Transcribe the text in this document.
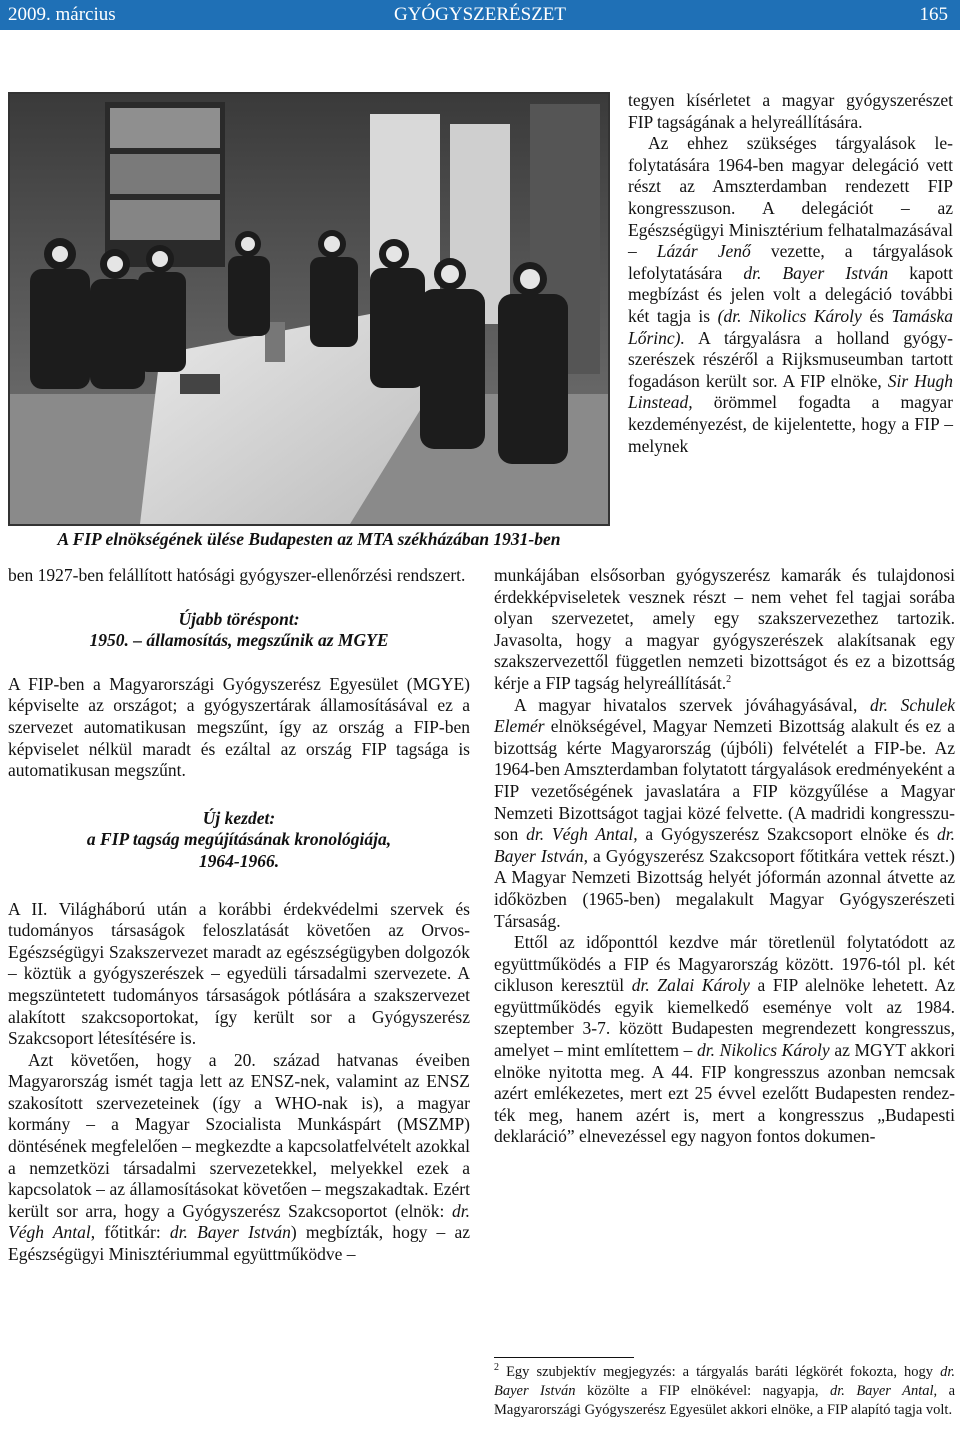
2009. március	GYÓGYSZERÉSZET	165
A FIP elnökségének ülése Budapesten az MTA székházában 1931-ben

tegyen kísérletet a magyar gyógyszerészet FIP tagságának a helyreállítására.

Az ehhez szükséges tárgyalások lefolytatására 1964-ben magyar delegáció vett részt az Amszterdamban rendezett FIP kongresszuson. A delegációt – az Egészségügyi Minisztérium felhatalmazásával – Lázár Jenő vezette, a tárgyalások lefolytatására dr. Bayer István kapott megbízást és jelen volt a delegáció további két tagja is (dr. Nikolics Károly és Tamáska Lőrinc). A tárgyalásra a holland gyógyszerészek részéről a Rijksmuseumban tartott fogadáson került sor. A FIP elnöke, Sir Hugh Linstead, örömmel fogadta a magyar kezdeményezést, de kijelentette, hogy a FIP – melynek

ben 1927-ben felállított hatósági gyógyszer-ellenőrzési rendszert.

Újabb töréspont:
1950. – államosítás, megszűnik az MGYE

A FIP-ben a Magyarországi Gyógyszerész Egyesület (MGYE) képviselte az országot; a gyógyszertárak államosításával ez a szervezet automatikusan megszűnt, így az ország a FIP-ben képviselet nélkül maradt és ezáltal az ország FIP tagsága is automatikusan megszűnt.

Új kezdet:
a FIP tagság megújításának kronológiája,
1964-1966.

A II. Világháború után a korábbi érdekvédelmi szervek és tudományos társaságok feloszlatását követően az Orvos-Egészségügyi Szakszervezet maradt az egészségügyben dolgozók – köztük a gyógyszerészek – egyedüli társadalmi szervezete. A megszüntetett tudományos társaságok pótlására a szakszervezet alakított szakcsoportokat, így került sor a Gyógyszerész Szakcsoport létesítésére is.

Azt követően, hogy a 20. század hatvanas éveiben Magyarország ismét tagja lett az ENSZ-nek, valamint az ENSZ szakosított szervezeteinek (így a WHO-nak is), a magyar kormány – a Magyar Szocialista Munkáspárt (MSZMP) döntésének megfelelően – megkezdte a kapcsolatfelvételt azokkal a nemzetközi társadalmi szervezetekkel, melyekkel ezek a kapcsolatok – az államosításokat követően – megszakadtak. Ezért került sor arra, hogy a Gyógyszerész Szakcsoportot (elnök: dr. Végh Antal, főtitkár: dr. Bayer István) megbízták, hogy – az Egészségügyi Minisztériummal együttműködve –

munkájában elsősorban gyógyszerész kamarák és tulajdonosi érdekképviseletek vesznek részt – nem vehet fel tagjai sorába olyan szervezetet, amely egy szakszervezethez tartozik. Javasolta, hogy a magyar gyógyszerészek alakítsanak egy szakszervezettől független nemzeti bizottságot és ez a bizottság kérje a FIP tagság helyreállítását.$^2$

A magyar hivatalos szervek jóváhagyásával, dr. Schulek Elemér elnökségével, Magyar Nemzeti Bizottság alakult és ez a bizottság kérte Magyarország (újbóli) felvételét a FIP-be. Az 1964-ben Amszterdamban folytatott tárgyalások eredményeként a FIP vezetőségének javaslatára a FIP közgyűlése a Magyar Nemzeti Bizottságot tagjai közé felvette. (A madridi kongresszuson dr. Végh Antal, a Gyógyszerész Szakcsoport elnöke és dr. Bayer István, a Gyógyszerész Szakcsoport főtitkára vettek részt.) A Magyar Nemzeti Bizottság helyét jóformán azonnal átvette az időközben (1965-ben) megalakult Magyar Gyógyszerészeti Társaság.

Ettől az időponttól kezdve már töretlenül folytatódott az együttműködés a FIP és Magyarország között. 1976-tól pl. két cikluson keresztül dr. Zalai Károly a FIP alelnöke lehetett. Az együttműködés egyik kiemelkedő eseménye volt az 1984. szeptember 3-7. között Budapesten megrendezett kongresszus, amelyet – mint említettem – dr. Nikolics Károly az MGYT akkori elnöke nyitotta meg. A 44. FIP kongresszus azonban nemcsak azért emlékezetes, mert ezt 25 évvel ezelőtt Budapesten rendezték meg, hanem azért is, mert a kongresszus „Budapesti deklaráció” elnevezéssel egy nagyon fontos dokumen-

$^2$ Egy szubjektív megjegyzés: a tárgyalás baráti légkörét fokozta, hogy dr. Bayer István közölte a FIP elnökével: nagyapja, dr. Bayer Antal, a Magyarországi Gyógyszerész Egyesület akkori elnöke, a FIP alapító tagja volt.
